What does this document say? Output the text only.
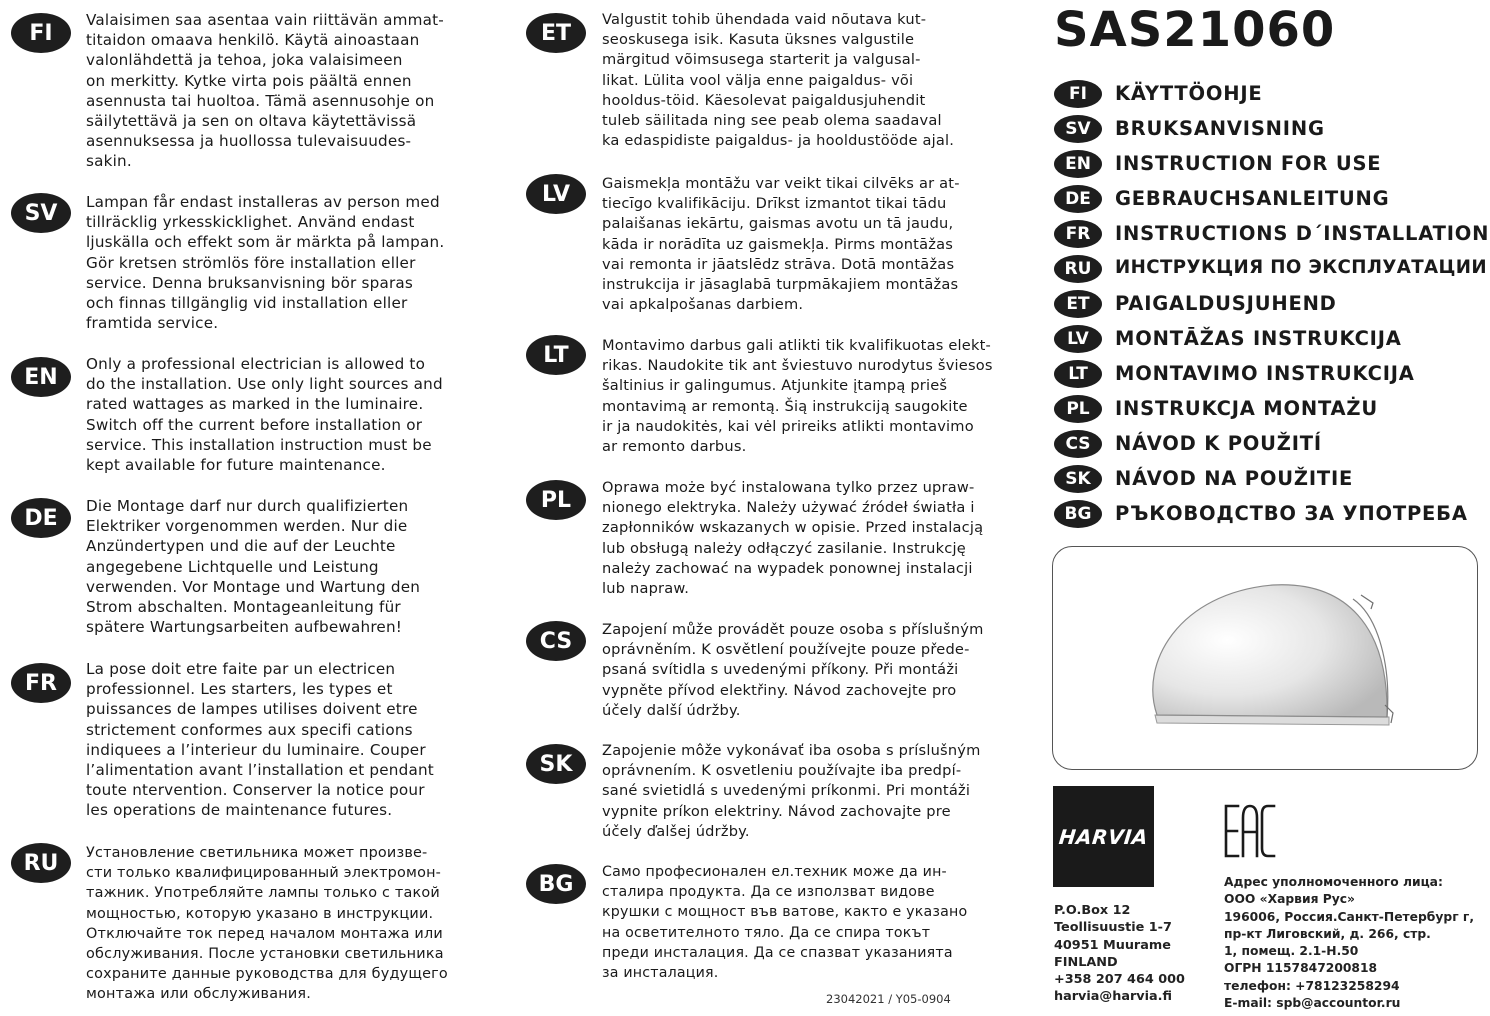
FI
Valaisimen saa asentaa vain riittävän ammat-
titaidon omaava henkilö. Käytä ainoastaan
valonlähdettä ja tehoa, joka valaisimeen
on merkitty. Kytke virta pois päältä ennen
asennusta tai huoltoa. Tämä asennusohje on
säilytettävä ja sen on oltava käytettävissä
asennuksessa ja huollossa tulevaisuudes-
sakin.
SV	Lampan får endast installeras av person med
tillräcklig yrkesskicklighet. Använd endast
ljuskälla och effekt som är märkta på lampan.
Gör kretsen strömlös före installation eller
service. Denna bruksanvisning bör sparas
och finnas tillgänglig vid installation eller
framtida service.
EN
Only a professional electrician is allowed to
do the installation. Use only light sources and
rated wattages as marked in the luminaire.
Switch off the current before installation or
service. This installation instruction must be
kept available for future maintenance.
DE	Die Montage darf nur durch qualifizierten
Elektriker vorgenommen werden. Nur die
Anzündertypen und die auf der Leuchte
angegebene Lichtquelle und Leistung
verwenden. Vor Montage und Wartung den
Strom abschalten. Montageanleitung für
spätere Wartungsarbeiten aufbewahren!
FR
La pose doit etre faite par un electricen
professionnel. Les starters, les types et
puissances de lampes utilises doivent etre
strictement conformes aux specifi cations
indiquees a l’interieur du luminaire. Couper
l’alimentation avant l’installation et pendant
toute ntervention. Conserver la notice pour
les operations de maintenance futures.
RU	Установление светильника может произве-
сти только квалифицированный электромон-
тажник. Употребляйте лампы только с такой
мощностью, которую указано в инструкции.
Отключайте ток перед началом монтажа или
обслуживания. После установки светильника
сохраните данные руководства для будущего
монтажа или обслуживания.
ET
Valgustit tohib ühendada vaid nõutava kut-
seoskusega isik. Kasuta üksnes valgustile
märgitud võimsusega starterit ja valgusal-
likat. Lülita vool välja enne paigaldus- või
hooldus-töid. Käesolevat paigaldusjuhendit
tuleb säilitada ning see peab olema saadaval
ka edaspidiste paigaldus- ja hooldustööde ajal.
LV	Gaismekļa montāžu var veikt tikai cilvēks ar at-
tiecīgo kvalifikāciju. Drīkst izmantot tikai tādu
palaišanas iekārtu, gaismas avotu un tā jaudu,
kāda ir norādīta uz gaismekļa. Pirms montāžas
vai remonta ir jāatslēdz strāva. Dotā montāžas
instrukcija ir jāsaglabā turpmākajiem montāžas
vai apkalpošanas darbiem.
LT	Montavimo darbus gali atlikti tik kvalifikuotas elekt-
rikas. Naudokite tik ant šviestuvo nurodytus šviesos
šaltinius ir galingumus. Atjunkite įtampą prieš
montavimą ar remontą. Šią instrukciją saugokite
ir ja naudokitės, kai vėl prireiks atlikti montavimo
ar remonto darbus.
PL	Oprawa może być instalowana tylko przez upraw-
nionego elektryka. Należy używać źródeł światła i
zapłonników wskazanych w opisie. Przed instalacją
lub obsługą należy odłączyć zasilanie. Instrukcję
należy zachować na wypadek ponownej instalacji
lub napraw.
CS	Zapojení může provádět pouze osoba s příslušným
oprávněním. K osvětlení používejte pouze přede-
psaná svítidla s uvedenými příkony. Při montáži
vypněte přívod elektřiny. Návod zachovejte pro
účely další údržby.
SK
Zapojenie môže vykonávať iba osoba s príslušným
oprávnením. K osvetleniu používajte iba predpí-
sané svietidlá s uvedenými príkonmi. Pri montáži
vypnite príkon elektriny. Návod zachovajte pre
účely ďalšej údržby.
BG	Само професионален ел.техник може да ин-
сталира продукта. Да се използват видове
крушки с мощност във ватове, както е указано
на осветителното тяло. Да се спира токът
преди инсталация. Да се спазват указанията
за инсталация.
23042021 / Y05-0904
SAS21060
FI	KÄYTTÖOHJE
SV	BRUKSANVISNING
EN	INSTRUCTION FOR USE
DE	GEBRAUCHSANLEITUNG
FR	INSTRUCTIONS D´INSTALLATION
RU	ИНСТРУКЦИЯ ПО ЭКСПЛУАТАЦИИ
ET	PAIGALDUSJUHEND
LV	MONTĀŽAS INSTRUKCIJA
LT	MONTAVIMO INSTRUKCIJA
PL	INSTRUKCJA MONTAŻU
CS	NÁVOD K POUŽITÍ
SK	NÁVOD NA POUŽITIE
BG	РЪКОВОДСТВО ЗА УПОТРЕБА
HARVIA
P.O.Box 12
Teollisuustie 1-7
40951 Muurame
FINLAND
+358 207 464 000
harvia@harvia.fi
Адрес уполномоченного лица:
ООО «Харвия Рус»
196006, Россия.Санкт-Петербург г,
пр-кт Лиговский, д. 266, стр.
1, помещ. 2.1-Н.50
ОГРН 1157847200818
телефон: +78123258294
E-mail: spb@accountor.ru
